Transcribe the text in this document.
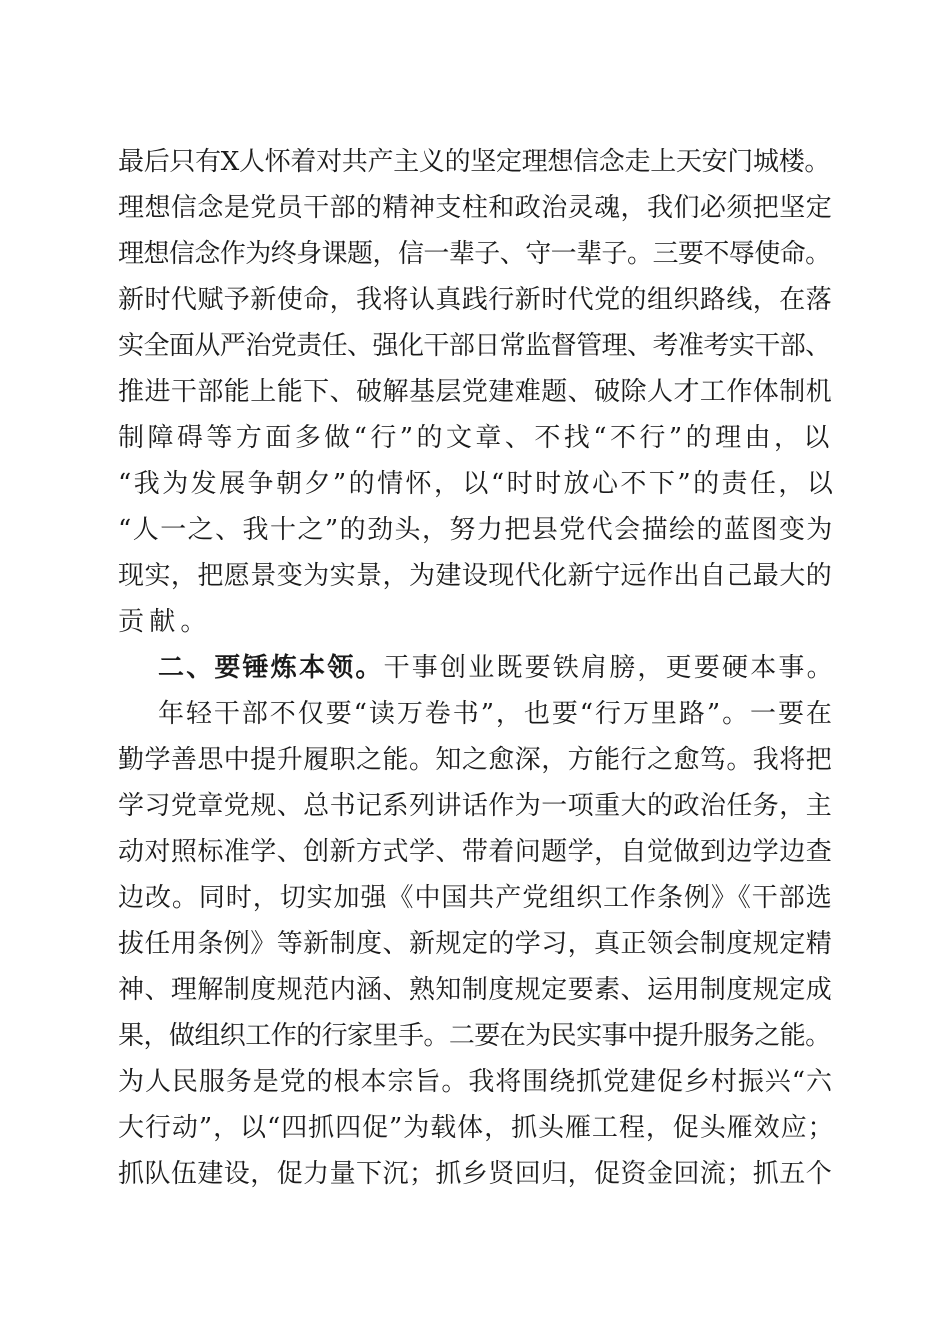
最后只有X人怀着对共产主义的坚定理想信念走上天安门城楼。
理想信念是党员干部的精神支柱和政治灵魂，我们必须把坚定
理想信念作为终身课题，信一辈子、守一辈子。三要不辱使命。
新时代赋予新使命，我将认真践行新时代党的组织路线，在落
实全面从严治党责任、强化干部日常监督管理、考准考实干部、
推进干部能上能下、破解基层党建难题、破除人才工作体制机
制障碍等方面多做“行”的文章、不找“不行”的理由，以
“我为发展争朝夕”的情怀，以“时时放心不下”的责任，以
“人一之、我十之”的劲头，努力把县党代会描绘的蓝图变为
现实，把愿景变为实景，为建设现代化新宁远作出自己最大的
贡献。
二、要锤炼本领。干事创业既要铁肩膀，更要硬本事。
年轻干部不仅要“读万卷书”，也要“行万里路”。一要在
勤学善思中提升履职之能。知之愈深，方能行之愈笃。我将把
学习党章党规、总书记系列讲话作为一项重大的政治任务，主
动对照标准学、创新方式学、带着问题学，自觉做到边学边查
边改。同时，切实加强《中国共产党组织工作条例》《干部选
拔任用条例》等新制度、新规定的学习，真正领会制度规定精
神、理解制度规范内涵、熟知制度规定要素、运用制度规定成
果，做组织工作的行家里手。二要在为民实事中提升服务之能。
为人民服务是党的根本宗旨。我将围绕抓党建促乡村振兴“六
大行动”，以“四抓四促”为载体，抓头雁工程，促头雁效应；
抓队伍建设，促力量下沉；抓乡贤回归，促资金回流；抓五个
